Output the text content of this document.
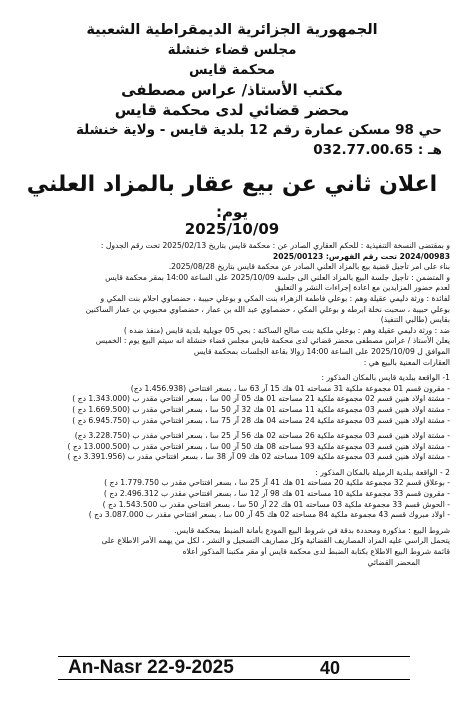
الجمهورية الجزائرية الديمقراطية الشعبية

مجلس قضاء خنشلة

محكمة قايس

مكتب الأستاذ/ عراس مصطفى

محضر قضائي لدى محكمة قايس

حي 98 مسكن عمارة رقم 12 بلدية قايس - ولاية خنشلة

هـ : 032.77.00.65

اعلان ثاني عن بيع عقار بالمزاد العلني
يوم:
2025/10/09

و بمقتضى النسخة التنفيذية : للحكم العقاري الصادر عن : محكمة قايس بتاريخ 2025/02/13 تحت رقم الجدول :

2024/00983 تحت رقم الفهرس: 2025/00123

بناء على امر تأجيل قضية بيع بالمزاد العلني الصادر عن محكمة قايس بتاريخ 2025/08/28.

و المتضمن : تأجيل جلسة البيع بالمزاد العلني الى جلسة 2025/10/09 على الساعة 14:00 بمقر محكمة قايس

لعدم حضور المزايدين مع اعادة إجراءات النشر و التعليق

لفائدة : ورثة دليمي عقيلة وهم : بوعلي فاطمة الزهراء بنت المكي و بوعلي حبيبة ، حضصاوي احلام بنت المكي و

بوعلي حبيبة ، سحبت نخلة ابرطه و بوعلي المكي ، حضصاوي عبد الله بن عمار ، حضصاوي محبوبي بن عمار الساكنين

بقايس (طالبي التنفيذ)

ضد : ورثة دليمي عقيلة وهم : بوعلي ملكية بنت صالح الساكنة : بحي 05 جويلية بلدية قايس (منفذ ضده )

يعلن الأستاذ / عراس مصطفى محضر قضائي لدى محكمة قايس مجلس قضاء خنشلة انه سيتم البيع يوم : الخميس

الموافق ل 2025/10/09 على الساعة 14:00 زوالا بقاعة الجلسات بمحكمة قايس

العقارات المعنية بالبيع هي :

1- الواقعة ببلدية قايس بالمكان المذكور :

- مقرون قسم 01 مجموعة ملكية 31 مساحته 01 هك 15 آر 63 سا ، بسعر افتتاحي (1.456.938 دج)

- مشتة اولاد هنين قسم 02 مجموعة ملكية 21 مساحته 01 هك 05 آر 00 سا ، بسعر افتتاحي مقدر ب (1.343.000 دج )

- مشتة اولاد هنين قسم 03 مجموعة ملكية 11 مساحته 01 هك 32 آر 50 سا ، بسعر افتتاحي مقدر ب (1.669.500 دج )

- مشتة اولاد هنين قسم 03 مجموعة ملكية 24 مساحته 04 هك 28 آر 75 سا ، بسعر افتتاحي مقدر ب (6.945.750 دج )

- مشتة اولاد هنين قسم 03 مجموعة ملكية 26 مساحته 02 هك 56 آر 25 سا ، بسعر افتتاحي مقدر ب (3.228.750 دج)

- مشتة اولاد هنين قسم 03 مجموعة ملكية 93 مساحته 08 هك 50 آر 00 سا ، بسعر افتتاحي مقدر ب (13.000.500 دج )

- مشتة اولاد هنين قسم 03 مجموعة ملكية 109 مساحته 02 هك 09 آر 38 سا ، بسعر افتتاحي مقدر ب (3.391.956 دج )

2 - الواقعة ببلدية الرميلة بالمكان المذكور :

- بوعلاق قسم 32 مجموعة ملكية 20 مساحته 01 هك 41 آر 25 سا ، بسعر افتتاحي مقدر ب 1.779.750 دج )

- مقرون قسم 33 مجموعة ملكية 10 مساحته 01 هك 98 آر 12 سا ، بسعر افتتاحي مقدر ب 2.496.312 دج )

- الحوش قسم 33 مجموعة ملكية 03 مساحته 01 هك 22 آر 50 سا ، بسعر افتتاحي مقدر ب 1.543.500 دج )

- اولاد مبروك قسم 43 مجموعة ملكية 84 مساحته 02 هك 45 آر 00 سا ، بسعر افتتاحي مقدر ب 3.087.000 دج )

شروط البيع : مذكورة ومحددة بدقة في شروط البيع المودع بأمانة الضبط بمحكمة قايس.

يتحمل الراسي عليه المزاد المصاريف القضائية وكل مصاريف التسجيل و النشر ، لكل من يهمه الأمر الاطلاع على

قائمة شروط البيع الاطلاع بكتابة الضبط لدى محكمة قايس أو مقر مكتبنا المذكور أعلاه

المحضر القضائي

An-Nasr 22-9-2025	40
